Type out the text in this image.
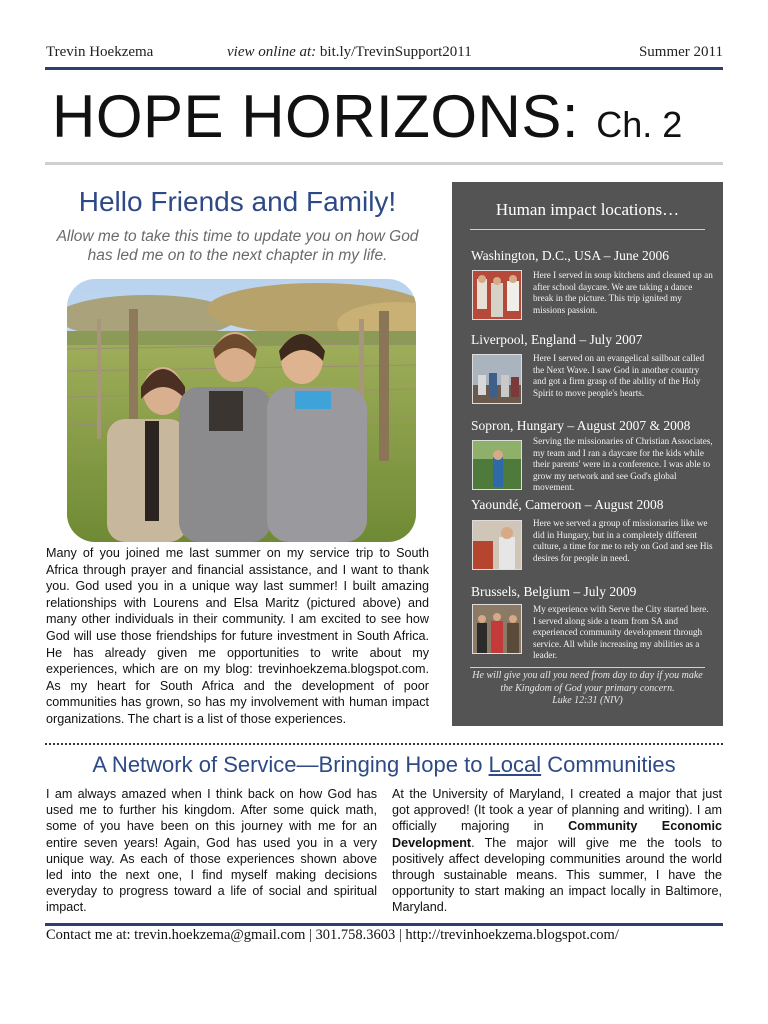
Trevin Hoekzema	view online at: bit.ly/TrevinSupport2011	Summer 2011
HOPE HORIZONS: Ch. 2
Hello Friends and Family!
Allow me to take this time to update you on how God has led me on to the next chapter in my life.
Many of you joined me last summer on my service trip to South Africa through prayer and financial assistance, and I want to thank you. God used you in a unique way last summer! I built amazing relationships with Lourens and Elsa Maritz (pictured above) and many other individuals in their community. I am excited to see how God will use those friendships for future investment in South Africa. He has already given me opportunities to write about my experiences, which are on my blog: trevinhoekzema.blogspot.com. As my heart for South Africa and the development of poor communities has grown, so has my involvement with human impact organizations. The chart is a list of those experiences.
Human impact locations…
Washington, D.C., USA – June 2006
Here I served in soup kitchens and cleaned up an after school daycare. We are taking a dance break in the picture. This trip ignited my missions passion.
Liverpool, England – July 2007
Here I served on an evangelical sailboat called the Next Wave. I saw God in another country and got a firm grasp of the ability of the Holy Spirit to move people's hearts.
Sopron, Hungary – August 2007 & 2008
Serving the missionaries of Christian Associates, my team and I ran a daycare for the kids while their parents' were in a conference. I was able to grow my network and see God's global movement.
Yaoundé, Cameroon – August 2008
Here we served a group of missionaries like we did in Hungary, but in a completely different culture, a time for me to rely on God and see His desires for people in need.
Brussels, Belgium – July 2009
My experience with Serve the City started here. I served along side a team from SA and experienced community development through service. All while increasing my abilities as a leader.
He will give you all you need from day to day if you make the Kingdom of God your primary concern.
Luke 12:31 (NIV)
A Network of Service—Bringing Hope to Local Communities
I am always amazed when I think back on how God has used me to further his kingdom. After some quick math, some of you have been on this journey with me for an entire seven years! Again, God has used you in a very unique way. As each of those experiences shown above led into the next one, I find myself making decisions everyday to progress toward a life of social and spiritual impact.
At the University of Maryland, I created a major that just got approved! (It took a year of planning and writing). I am officially majoring in Community Economic Development. The major will give me the tools to positively affect developing communities around the world through sustainable means. This summer, I have the opportunity to start making an impact locally in Baltimore, Maryland.
Contact me at: trevin.hoekzema@gmail.com | 301.758.3603 | http://trevinhoekzema.blogspot.com/
